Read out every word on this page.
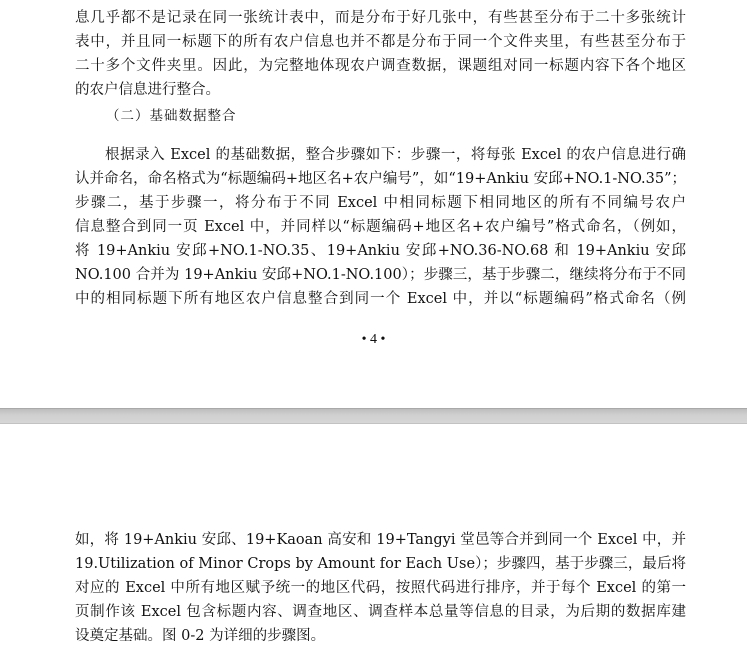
息几乎都不是记录在同一张统计表中，而是分布于好几张中，有些甚至分布于二十多张统计
表中，并且同一标题下的所有农户信息也并不都是分布于同一个文件夹里，有些甚至分布于
二十多个文件夹里。因此，为完整地体现农户调查数据，课题组对同一标题内容下各个地区
的农户信息进行整合。
（二）基础数据整合
　　根据录入 Excel 的基础数据，整合步骤如下：步骤一，将每张 Excel 的农户信息进行确
认并命名，命名格式为“标题编码+地区名+农户编号”，如“19+Ankiu 安邱+NO.1-NO.35”；
步骤二，基于步骤一，将分布于不同 Excel 中相同标题下相同地区的所有不同编号农户
信息整合到同一页 Excel 中，并同样以“标题编码+地区名+农户编号”格式命名，（例如，
将 19+Ankiu 安邱+NO.1-NO.35、19+Ankiu 安邱+NO.36-NO.68 和 19+Ankiu 安邱
NO.100 合并为 19+Ankiu 安邱+NO.1-NO.100）；步骤三，基于步骤二，继续将分布于不同
中的相同标题下所有地区农户信息整合到同一个 Excel 中，并以“标题编码”格式命名（例
• 4 •
如，将 19+Ankiu 安邱、19+Kaoan 高安和 19+Tangyi 堂邑等合并到同一个 Excel 中，并
19.Utilization of Minor Crops by Amount for Each Use）；步骤四，基于步骤三，最后将
对应的 Excel 中所有地区赋予统一的地区代码，按照代码进行排序，并于每个 Excel 的第一
页制作该 Excel 包含标题内容、调查地区、调查样本总量等信息的目录，为后期的数据库建
设奠定基础。图 0-2 为详细的步骤图。
